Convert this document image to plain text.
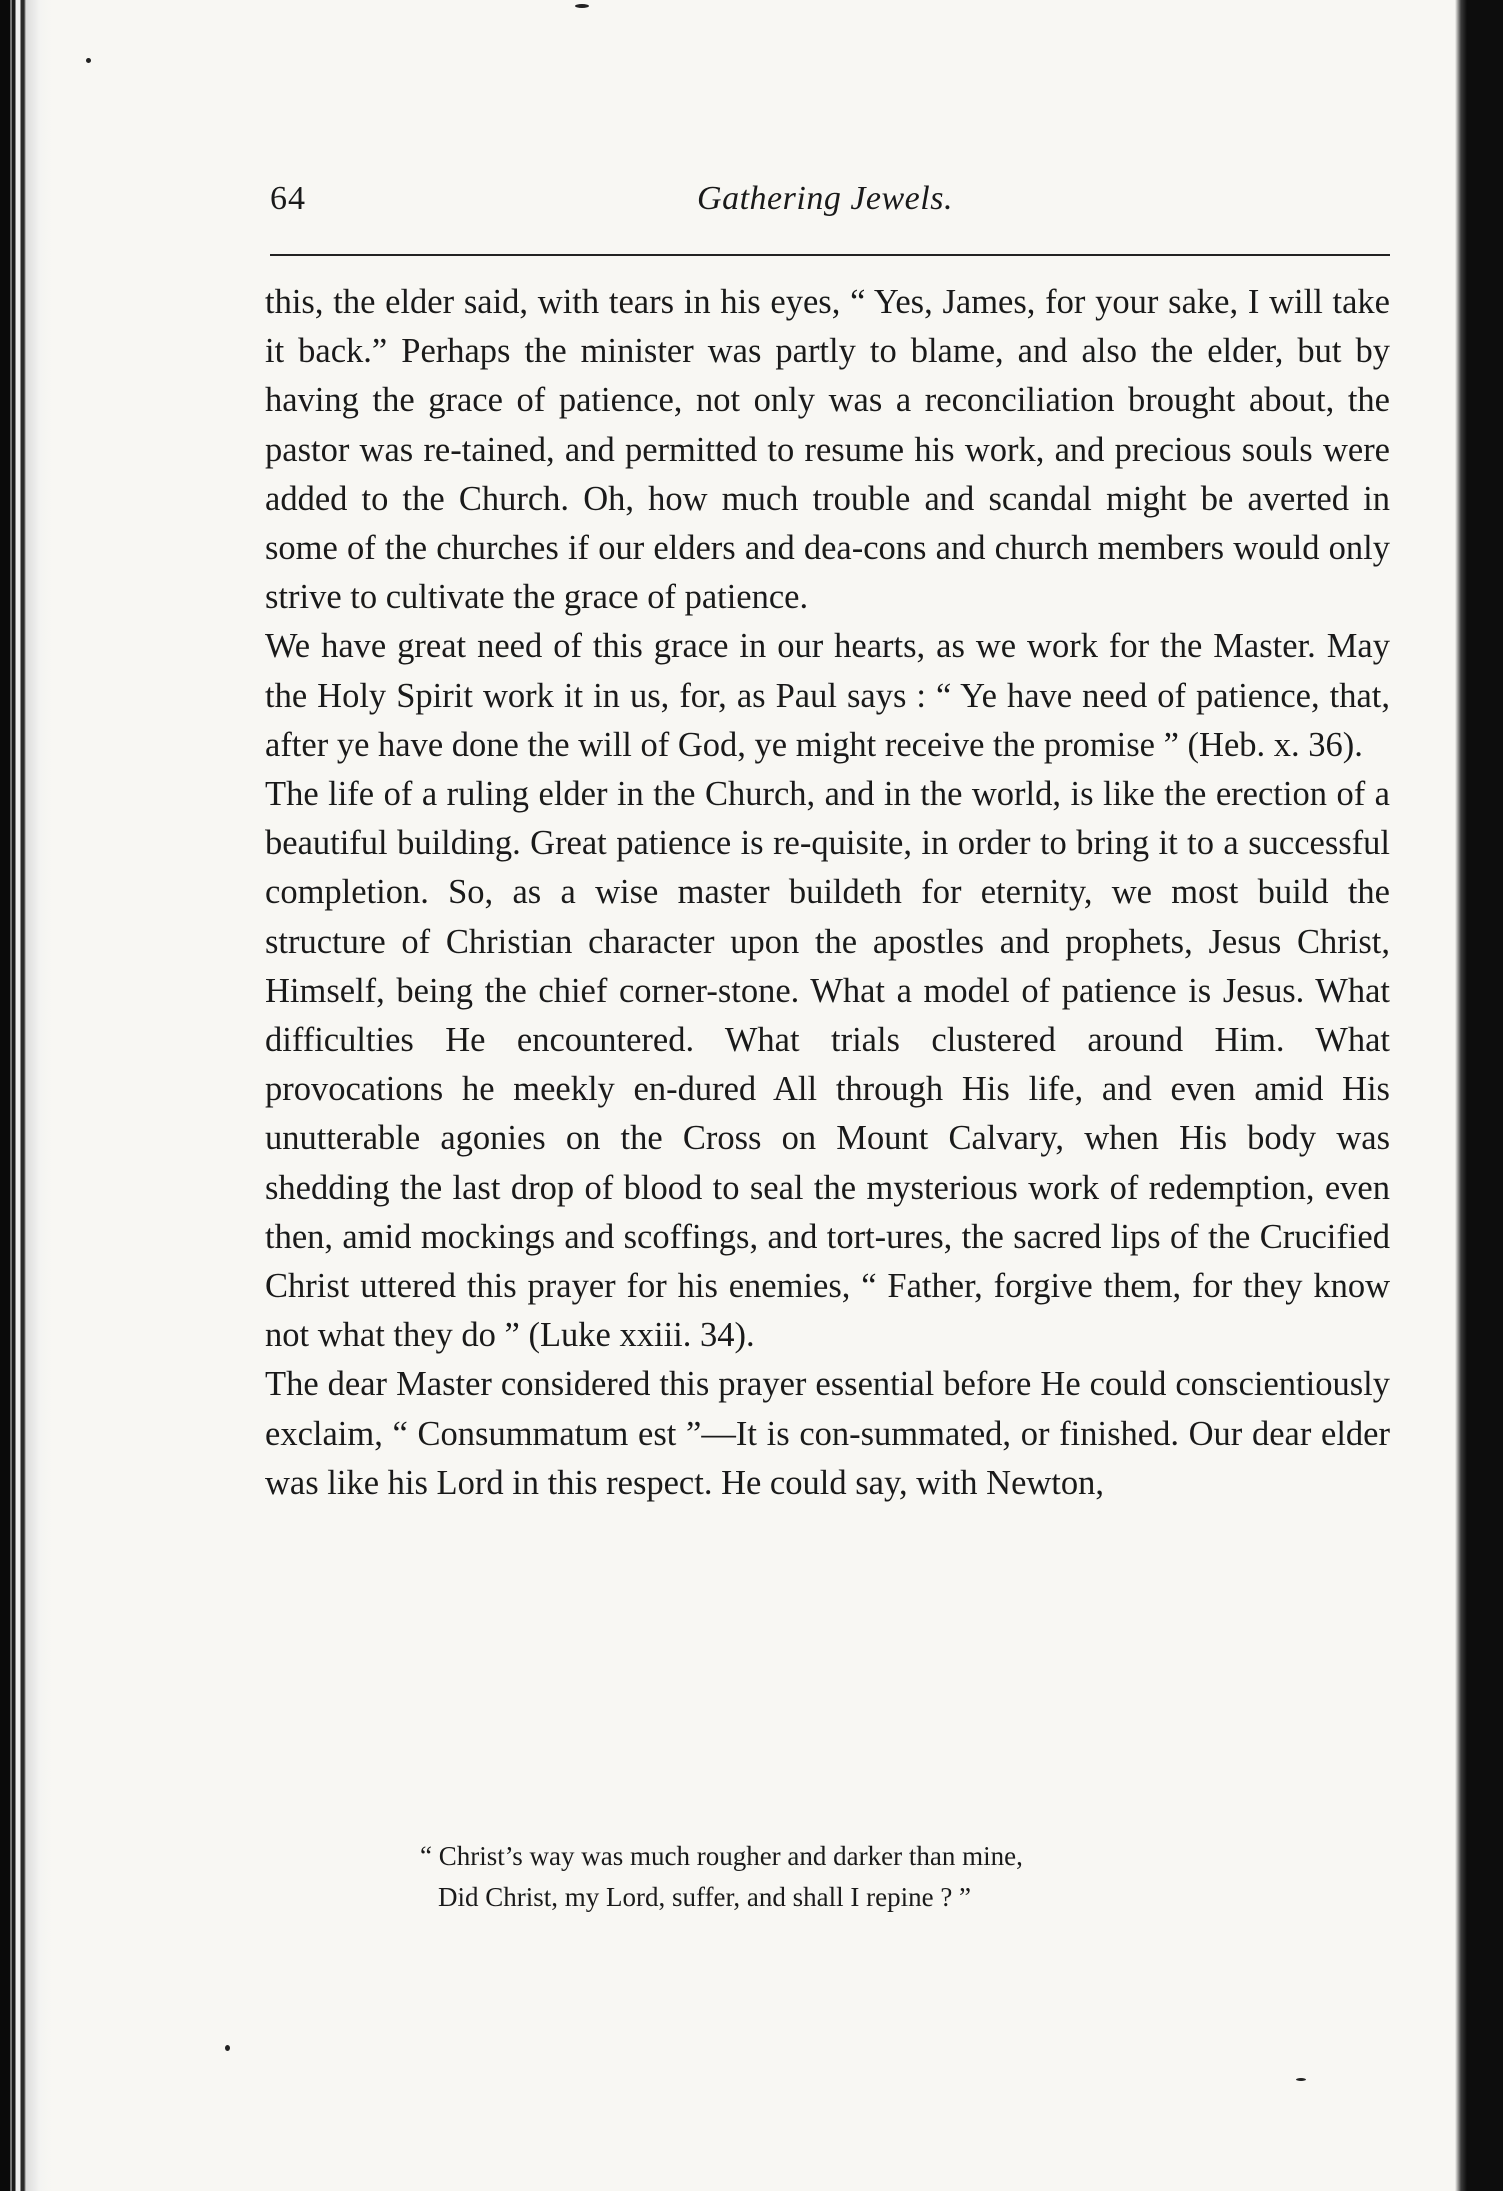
64	Gathering Jewels.

this, the elder said, with tears in his eyes, “ Yes, James, for your sake, I will take it back.” Perhaps the minister was partly to blame, and also the elder, but by having the grace of patience, not only was a reconciliation brought about, the pastor was re-tained, and permitted to resume his work, and precious souls were added to the Church. Oh, how much trouble and scandal might be averted in some of the churches if our elders and dea-cons and church members would only strive to cultivate the grace of patience.

We have great need of this grace in our hearts, as we work for the Master. May the Holy Spirit work it in us, for, as Paul says : “ Ye have need of patience, that, after ye have done the will of God, ye might receive the promise ” (Heb. x. 36).

The life of a ruling elder in the Church, and in the world, is like the erection of a beautiful building. Great patience is re-quisite, in order to bring it to a successful completion. So, as a wise master buildeth for eternity, we most build the structure of Christian character upon the apostles and prophets, Jesus Christ, Himself, being the chief corner-stone. What a model of patience is Jesus. What difficulties He encountered. What trials clustered around Him. What provocations he meekly en-dured All through His life, and even amid His unutterable agonies on the Cross on Mount Calvary, when His body was shedding the last drop of blood to seal the mysterious work of redemption, even then, amid mockings and scoffings, and tort-ures, the sacred lips of the Crucified Christ uttered this prayer for his enemies, “ Father, forgive them, for they know not what they do ” (Luke xxiii. 34).

The dear Master considered this prayer essential before He could conscientiously exclaim, “ Consummatum est ”—It is con-summated, or finished. Our dear elder was like his Lord in this respect. He could say, with Newton,

“ Christ’s way was much rougher and darker than mine,
Did Christ, my Lord, suffer, and shall I repine ? ”
